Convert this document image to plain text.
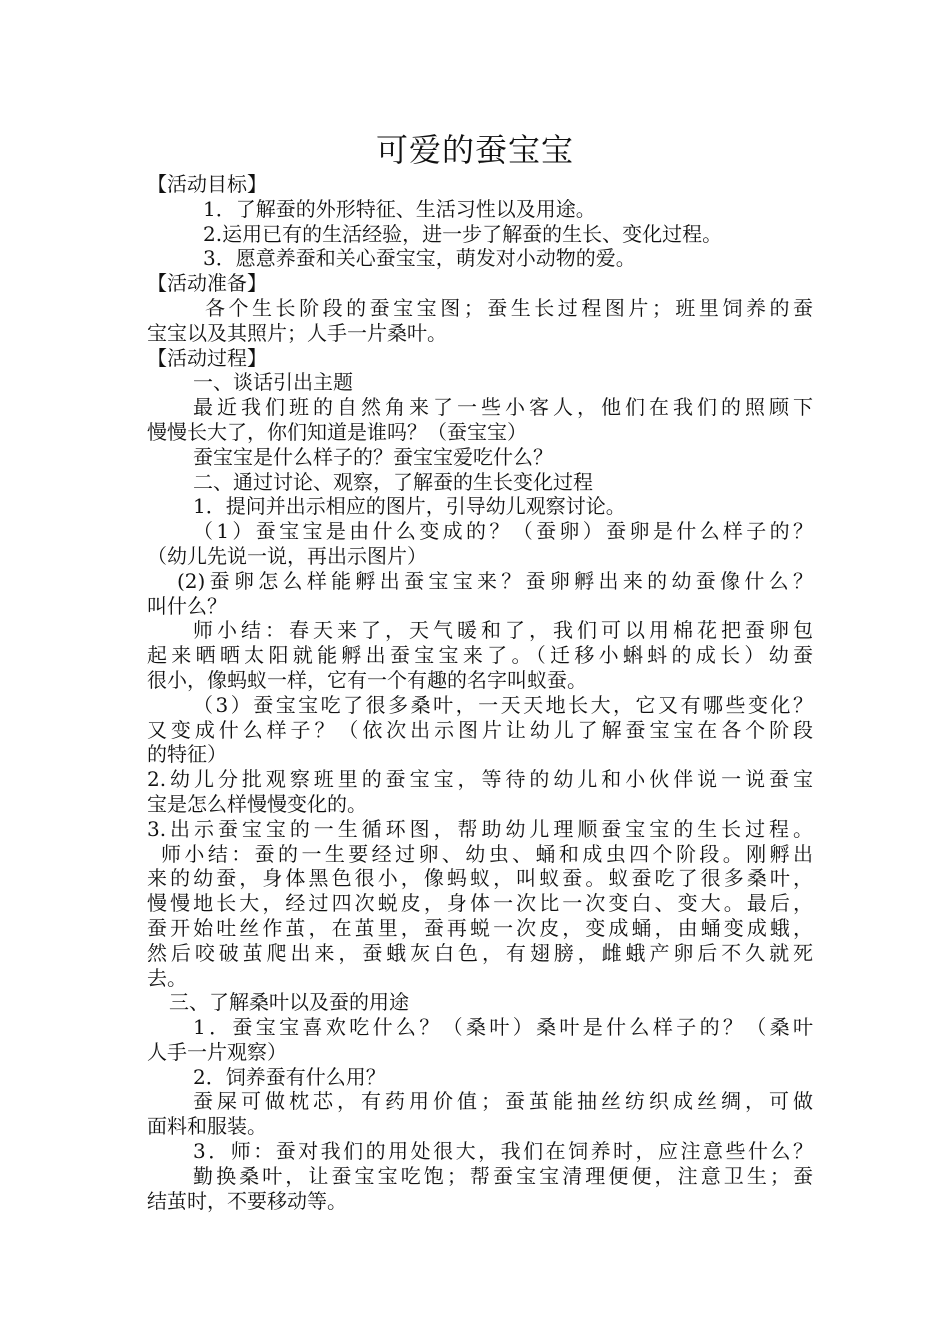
可爱的蚕宝宝

【活动目标】

1．了解蚕的外形特征、生活习性以及用途。

2.运用已有的生活经验，进一步了解蚕的生长、变化过程。

3．愿意养蚕和关心蚕宝宝，萌发对小动物的爱。

【活动准备】

各个生长阶段的蚕宝宝图；蚕生长过程图片；班里饲养的蚕

宝宝以及其照片；人手一片桑叶。

【活动过程】

一、谈话引出主题

最近我们班的自然角来了一些小客人，他们在我们的照顾下

慢慢长大了，你们知道是谁吗？（蚕宝宝）

蚕宝宝是什么样子的？蚕宝宝爱吃什么？

二、通过讨论、观察，了解蚕的生长变化过程

1．提问并出示相应的图片，引导幼儿观察讨论。

（1）蚕宝宝是由什么变成的？（蚕卵）蚕卵是什么样子的？

（幼儿先说一说，再出示图片）

(2)蚕卵怎么样能孵出蚕宝宝来？蚕卵孵出来的幼蚕像什么？

叫什么？

师小结：春天来了，天气暖和了，我们可以用棉花把蚕卵包

起来晒晒太阳就能孵出蚕宝宝来了。（迁移小蝌蚪的成长）幼蚕

很小，像蚂蚁一样，它有一个有趣的名字叫蚁蚕。

（3）蚕宝宝吃了很多桑叶，一天天地长大，它又有哪些变化？

又变成什么样子？（依次出示图片让幼儿了解蚕宝宝在各个阶段

的特征）

2.幼儿分批观察班里的蚕宝宝，等待的幼儿和小伙伴说一说蚕宝

宝是怎么样慢慢变化的。

3.出示蚕宝宝的一生循环图，帮助幼儿理顺蚕宝宝的生长过程。

师小结：蚕的一生要经过卵、幼虫、蛹和成虫四个阶段。刚孵出

来的幼蚕，身体黑色很小，像蚂蚁，叫蚁蚕。蚁蚕吃了很多桑叶，

慢慢地长大，经过四次蜕皮，身体一次比一次变白、变大。最后，

蚕开始吐丝作茧，在茧里，蚕再蜕一次皮，变成蛹，由蛹变成蛾，

然后咬破茧爬出来，蚕蛾灰白色，有翅膀，雌蛾产卵后不久就死

去。

三、了解桑叶以及蚕的用途

1．蚕宝宝喜欢吃什么？（桑叶）桑叶是什么样子的？（桑叶

人手一片观察）

2．饲养蚕有什么用？

蚕屎可做枕芯，有药用价值；蚕茧能抽丝纺织成丝绸，可做

面料和服装。

3．师：蚕对我们的用处很大，我们在饲养时，应注意些什么？

勤换桑叶，让蚕宝宝吃饱；帮蚕宝宝清理便便，注意卫生；蚕

结茧时，不要移动等。
